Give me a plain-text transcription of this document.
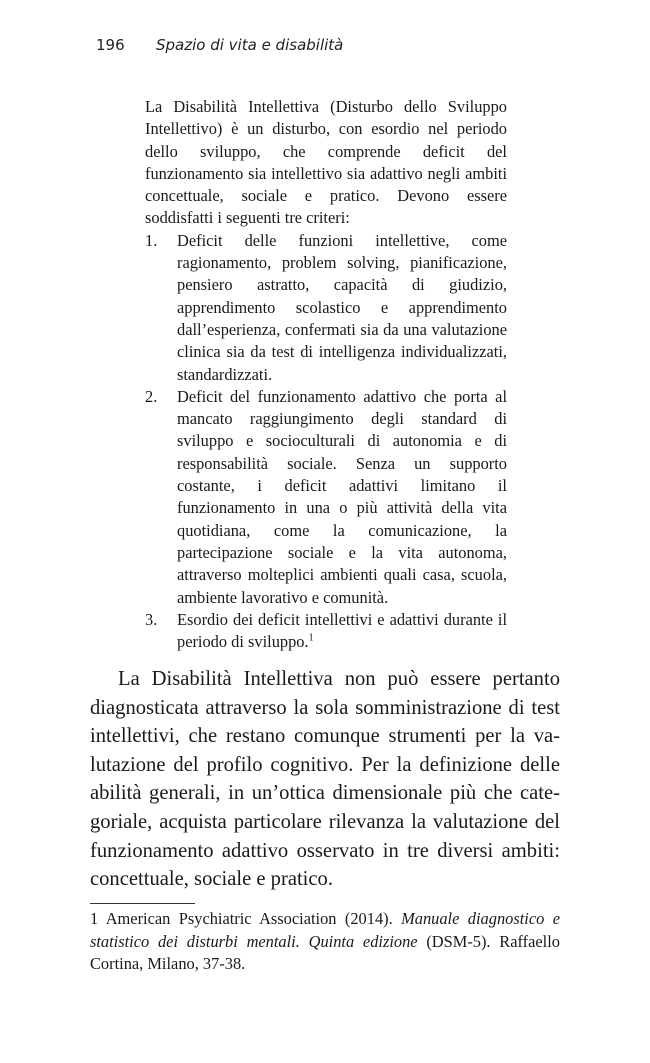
196 Spazio di vita e disabilità

La Disabilità Intellettiva (Disturbo dello Sviluppo Intellettivo) è un disturbo, con esordio nel periodo dello sviluppo, che comprende deficit del funzionamento sia intellettivo sia adattivo negli ambiti concettuale, sociale e pratico. Devono essere soddisfatti i seguenti tre criteri:

1. Deficit delle funzioni intellettive, come ragionamento, problem solving, pianificazione, pensiero astratto, capacità di giudizio, apprendimento scolastico e apprendimento dall’esperienza, confermati sia da una valutazione clinica sia da test di intelligenza individualizzati, standardizzati.
2. Deficit del funzionamento adattivo che porta al mancato raggiungimento degli standard di sviluppo e socioculturali di autonomia e di responsabilità sociale. Senza un supporto costante, i deficit adattivi limitano il funzionamento in una o più attività della vita quotidiana, come la comunicazione, la partecipazione sociale e la vita autonoma, attraverso molteplici ambienti quali casa, scuola, ambiente lavorativo e comunità.
3. Esordio dei deficit intellettivi e adattivi durante il periodo di sviluppo.$^1$

La Disabilità Intellettiva non può essere pertanto diagnosticata attraverso la sola somministrazione di test intellettivi, che restano comunque strumenti per la valutazione del profilo cognitivo. Per la definizione delle abilità generali, in un’ottica dimensionale più che categoriale, acquista particolare rilevanza la valutazione del funzionamento adattivo osservato in tre diversi ambiti: concettuale, sociale e pratico.

1 American Psychiatric Association (2014). Manuale diagnostico e statistico dei disturbi mentali. Quinta edizione (DSM-5). Raffaello Cortina, Milano, 37-38.
